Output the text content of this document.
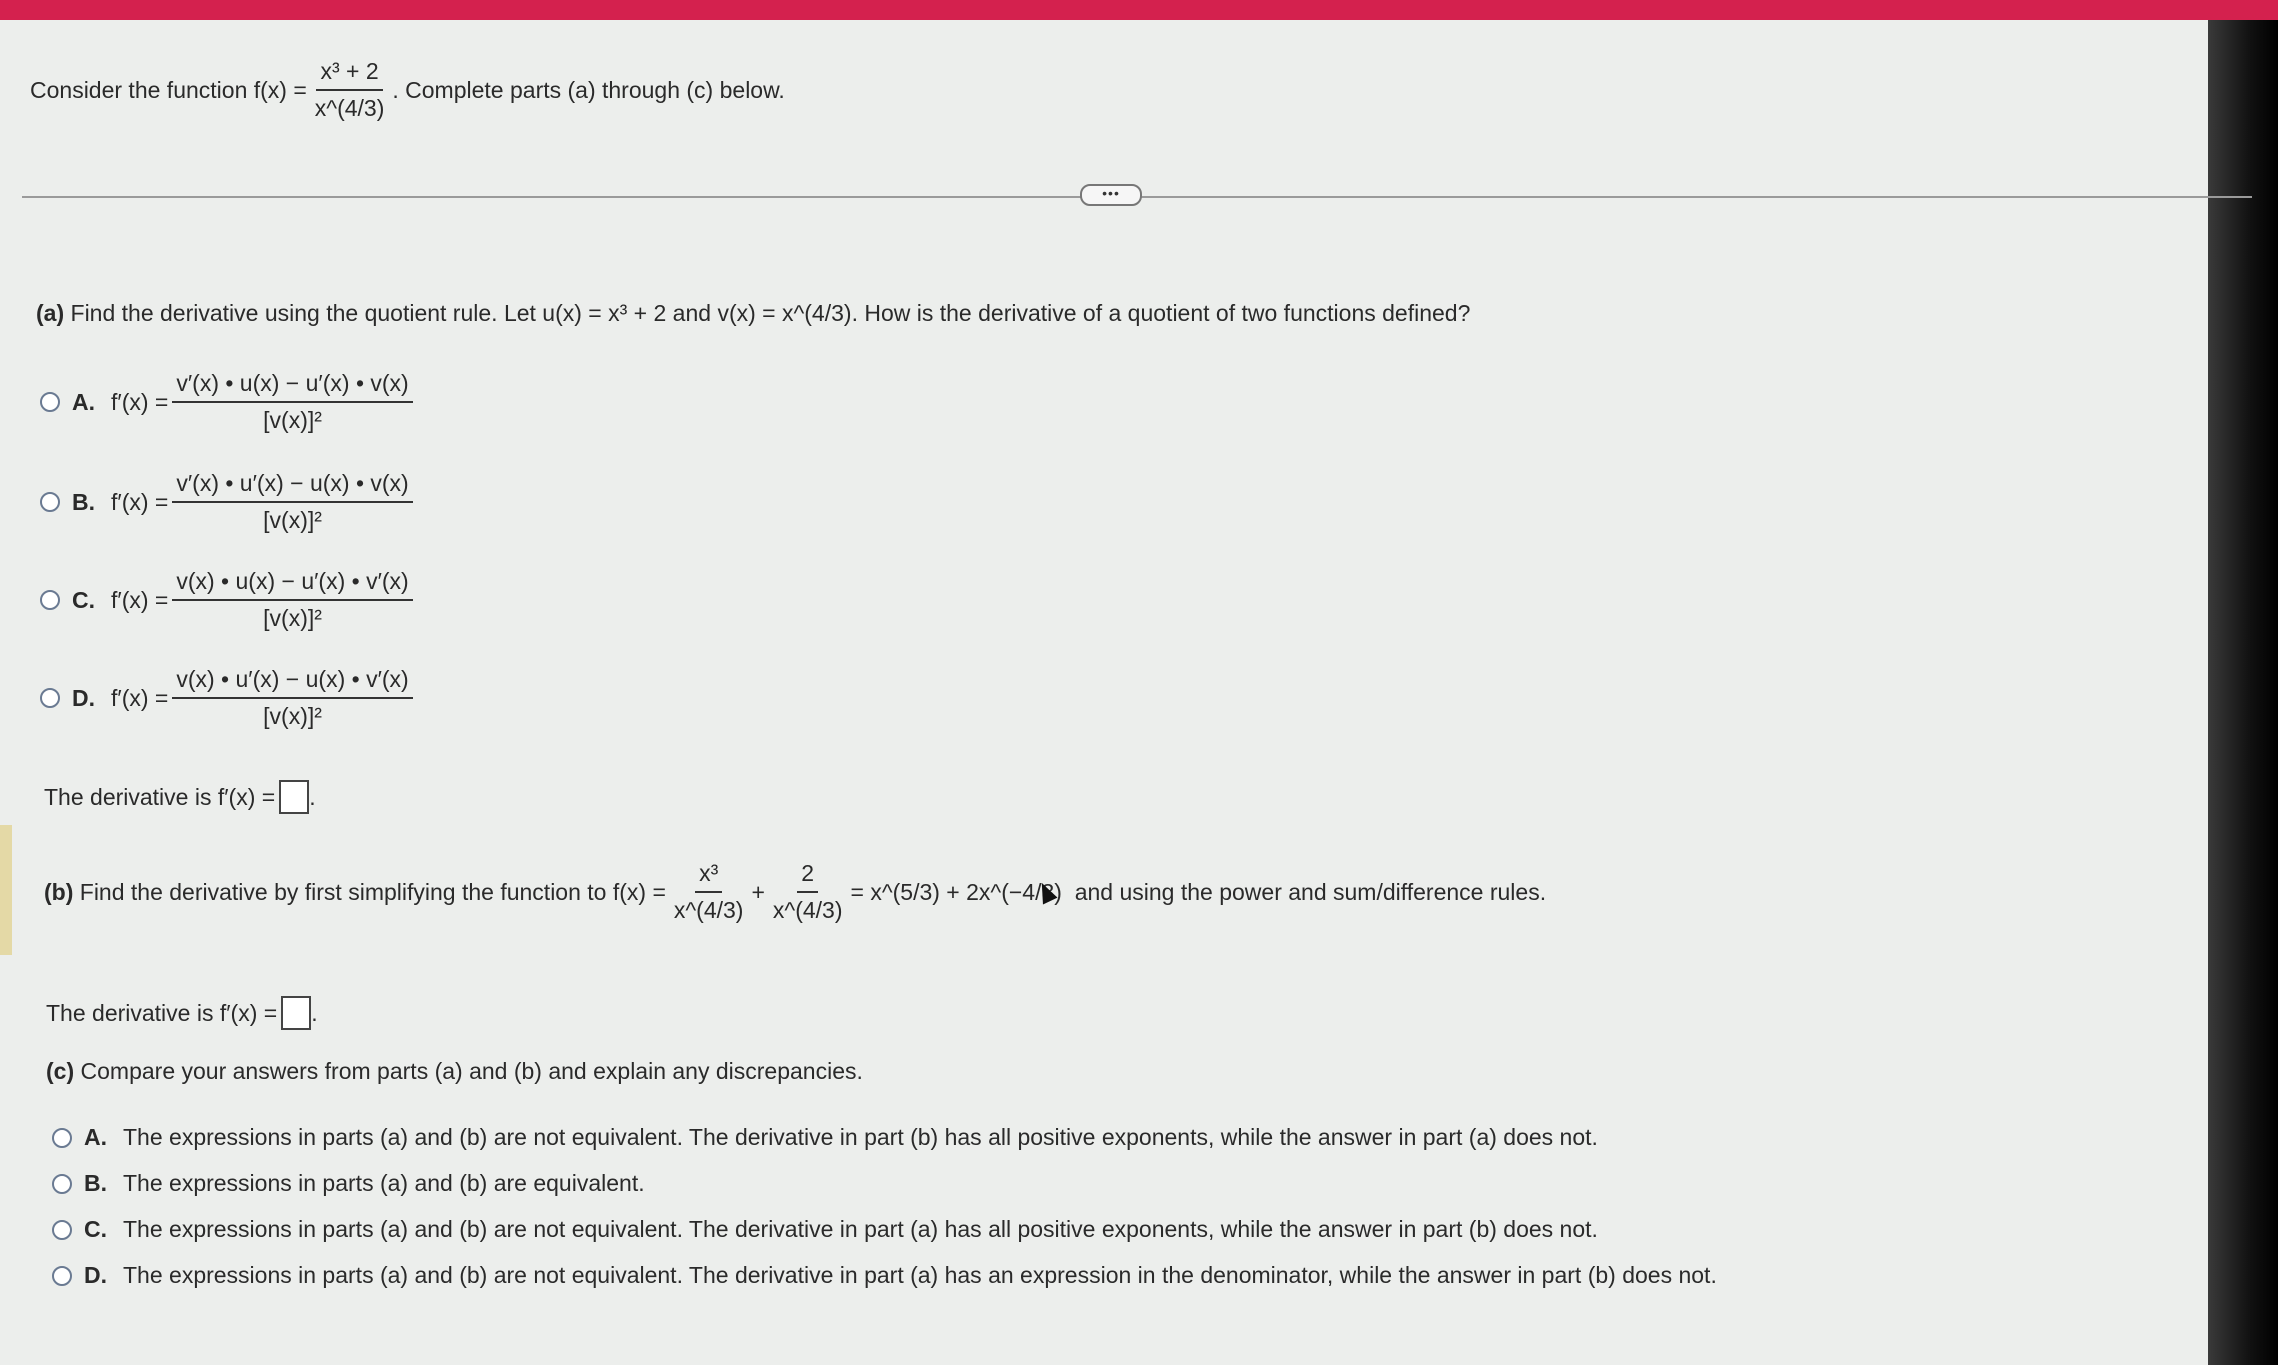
Consider the function $f(x) = \frac{\text{x³ + 2}}{x\^{}(4/3)}$ . Complete parts (a) through (c) below.
•••
(a) Find the derivative using the quotient rule. Let u(x) = x³ + 2 and v(x) = x^(4/3). How is the derivative of a quotient of two functions defined?
A. $f'(x) = \frac{v'(x) • u(x) - u'(x) • v(x)}{\text{[v(x)]²}}$
B. $f'(x) = \frac{v'(x) • u'(x) - u(x) • v(x)}{\text{[v(x)]²}}$
C. $f'(x) = \frac{v(x) • u(x) - u'(x) • v'(x)}{\text{[v(x)]²}}$
D. $f'(x) = \frac{v(x) • u'(x) - u(x) • v'(x)}{\text{[v(x)]²}}$
The derivative is f′(x) = .
(b)
Find the derivative by first simplifying the function to $f(x) = \frac{\text{x³}}{x\^{}(4/3)} + \frac{2}{x\^{}(4/3)}$ = x^(5/3) + 2x^(−4/3)
and using the power and sum/difference rules.
The derivative is f′(x) = .
(c) Compare your answers from parts (a) and (b) and explain any discrepancies.
A. The expressions in parts (a) and (b) are not equivalent. The derivative in part (b) has all positive exponents, while the answer in part (a) does not.
B. The expressions in parts (a) and (b) are equivalent.
C. The expressions in parts (a) and (b) are not equivalent. The derivative in part (a) has all positive exponents, while the answer in part (b) does not.
D. The expressions in parts (a) and (b) are not equivalent. The derivative in part (a) has an expression in the denominator, while the answer in part (b) does not.
